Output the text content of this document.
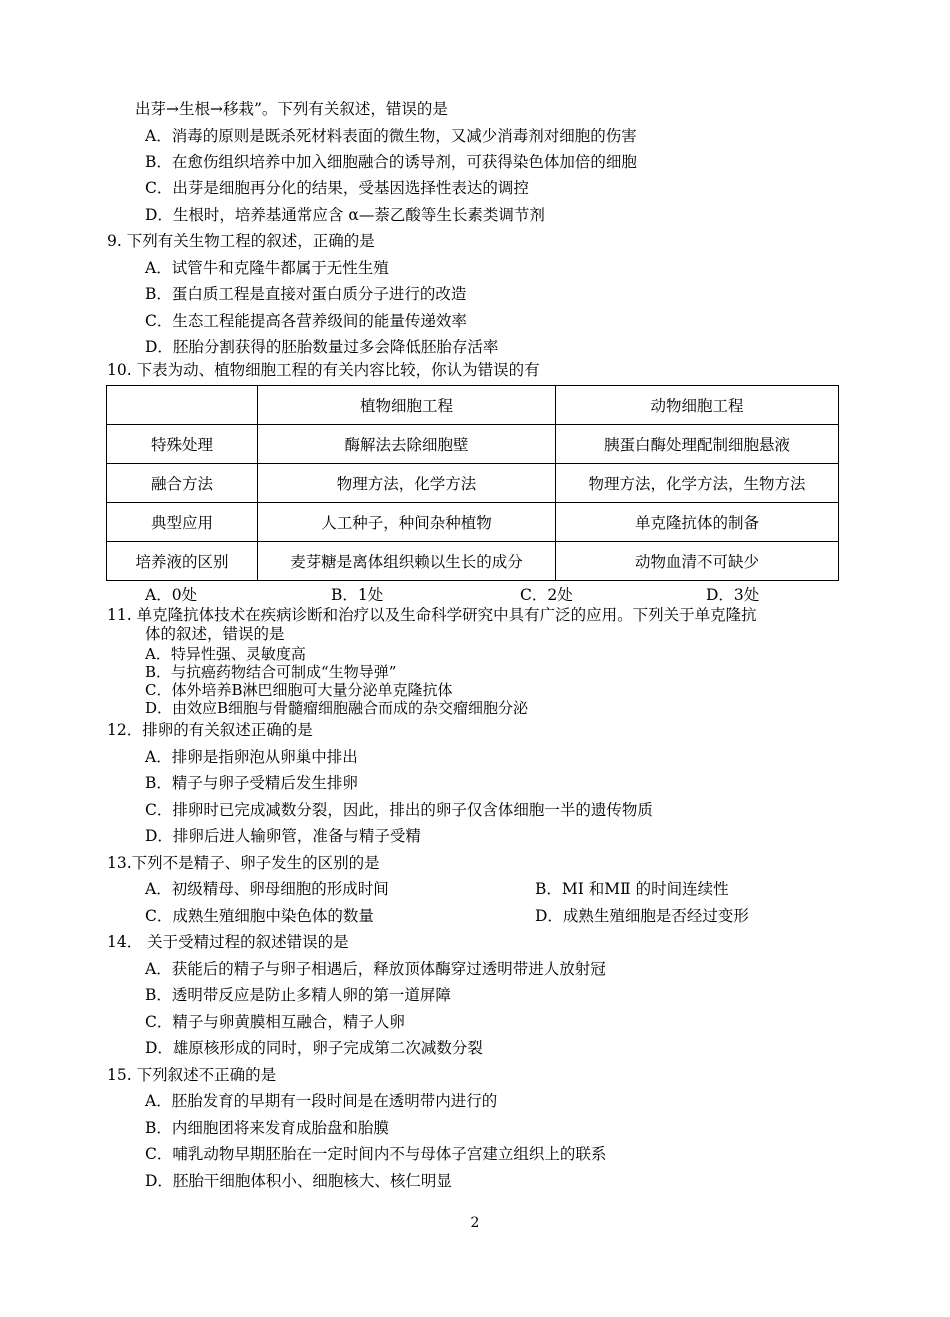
出芽→生根→移栽”。下列有关叙述，错误的是
A．消毒的原则是既杀死材料表面的微生物，又减少消毒剂对细胞的伤害
B．在愈伤组织培养中加入细胞融合的诱导剂，可获得染色体加倍的细胞
C．出芽是细胞再分化的结果，受基因选择性表达的调控
D．生根时，培养基通常应含 α—萘乙酸等生长素类调节剂
9. 下列有关生物工程的叙述，正确的是
A．试管牛和克隆牛都属于无性生殖
B．蛋白质工程是直接对蛋白质分子进行的改造
C．生态工程能提高各营养级间的能量传递效率
D．胚胎分割获得的胚胎数量过多会降低胚胎存活率
10. 下表为动、植物细胞工程的有关内容比较，你认为错误的有
	植物细胞工程	动物细胞工程
特殊处理	酶解法去除细胞壁	胰蛋白酶处理配制细胞悬液
融合方法	物理方法，化学方法	物理方法，化学方法，生物方法
典型应用	人工种子，种间杂种植物	单克隆抗体的制备
培养液的区别	麦芽糖是离体组织赖以生长的成分	动物血清不可缺少
A．0处	B．1处	C．2处	D．3处
11. 单克隆抗体技术在疾病诊断和治疗以及生命科学研究中具有广泛的应用。下列关于单克隆抗
体的叙述，错误的是
A．特异性强、灵敏度高
B．与抗癌药物结合可制成“生物导弹”
C．体外培养B淋巴细胞可大量分泌单克隆抗体
D．由效应B细胞与骨髓瘤细胞融合而成的杂交瘤细胞分泌
12．排卵的有关叙述正确的是
A．排卵是指卵泡从卵巢中排出
B．精子与卵子受精后发生排卵
C．排卵时已完成减数分裂，因此，排出的卵子仅含体细胞一半的遗传物质
D．排卵后进人输卵管，准备与精子受精
13.下列不是精子、卵子发生的区别的是
A．初级精母、卵母细胞的形成时间	B．MⅠ 和MⅡ 的时间连续性
C．成熟生殖细胞中染色体的数量	D．成熟生殖细胞是否经过变形
14． 关于受精过程的叙述错误的是
A．获能后的精子与卵子相遇后，释放顶体酶穿过透明带进人放射冠
B．透明带反应是防止多精人卵的第一道屏障
C．精子与卵黄膜相互融合，精子人卵
D．雄原核形成的同时，卵子完成第二次减数分裂
15. 下列叙述不正确的是
A．胚胎发育的早期有一段时间是在透明带内进行的
B．内细胞团将来发育成胎盘和胎膜
C．哺乳动物早期胚胎在一定时间内不与母体子宫建立组织上的联系
D．胚胎干细胞体积小、细胞核大、核仁明显
2
